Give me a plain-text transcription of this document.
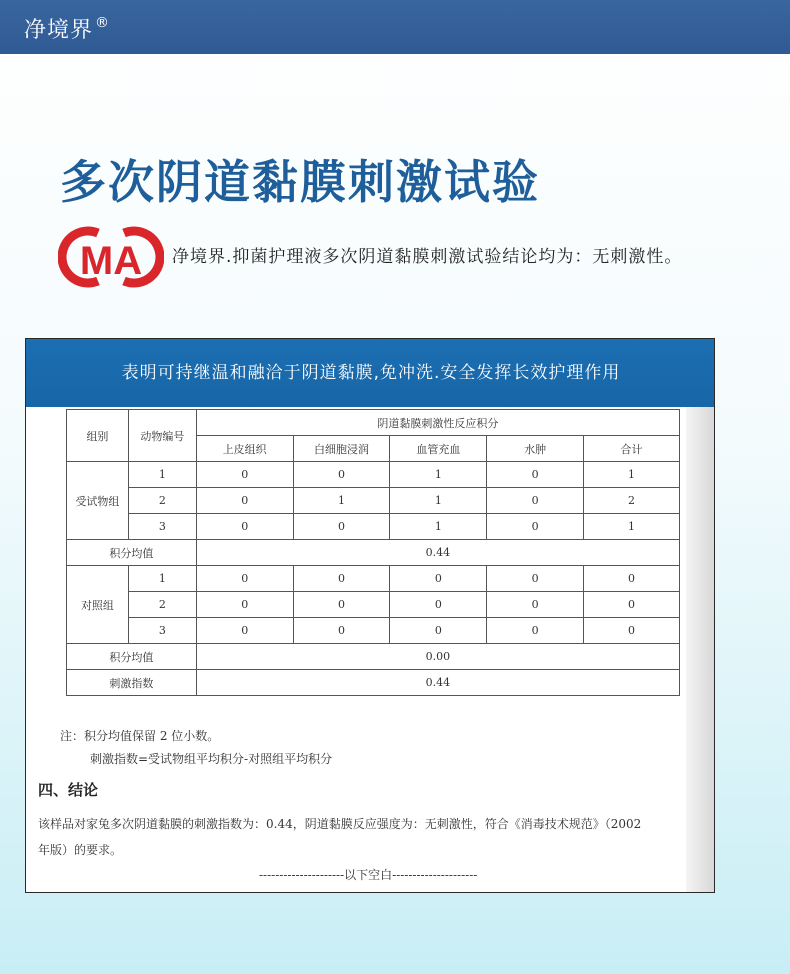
净境界 ®
多次阴道黏膜刺激试验
MA 净境界.抑菌护理液多次阴道黏膜刺激试验结论均为：无刺激性。
表明可持继温和融洽于阴道黏膜,免冲洗.安全发挥长效护理作用
组别	动物编号	阴道黏膜刺激性反应积分				
		上皮组织	白细胞浸润	血管充血	水肿	合计
受试物组	1	0	0	1	0	1
	2	0	1	1	0	2
	3	0	0	1	0	1
积分均值		0.44				
对照组	1	0	0	0	0	0
	2	0	0	0	0	0
	3	0	0	0	0	0
积分均值		0.00				
刺激指数		0.44				
注：积分均值保留 2 位小数。
刺激指数=受试物组平均积分-对照组平均积分
四、结论
该样品对家兔多次阴道黏膜的刺激指数为：0.44，阴道黏膜反应强度为：无刺激性，符合《消毒技术规范》（2002
年版）的要求。
---------------------以下空白---------------------
